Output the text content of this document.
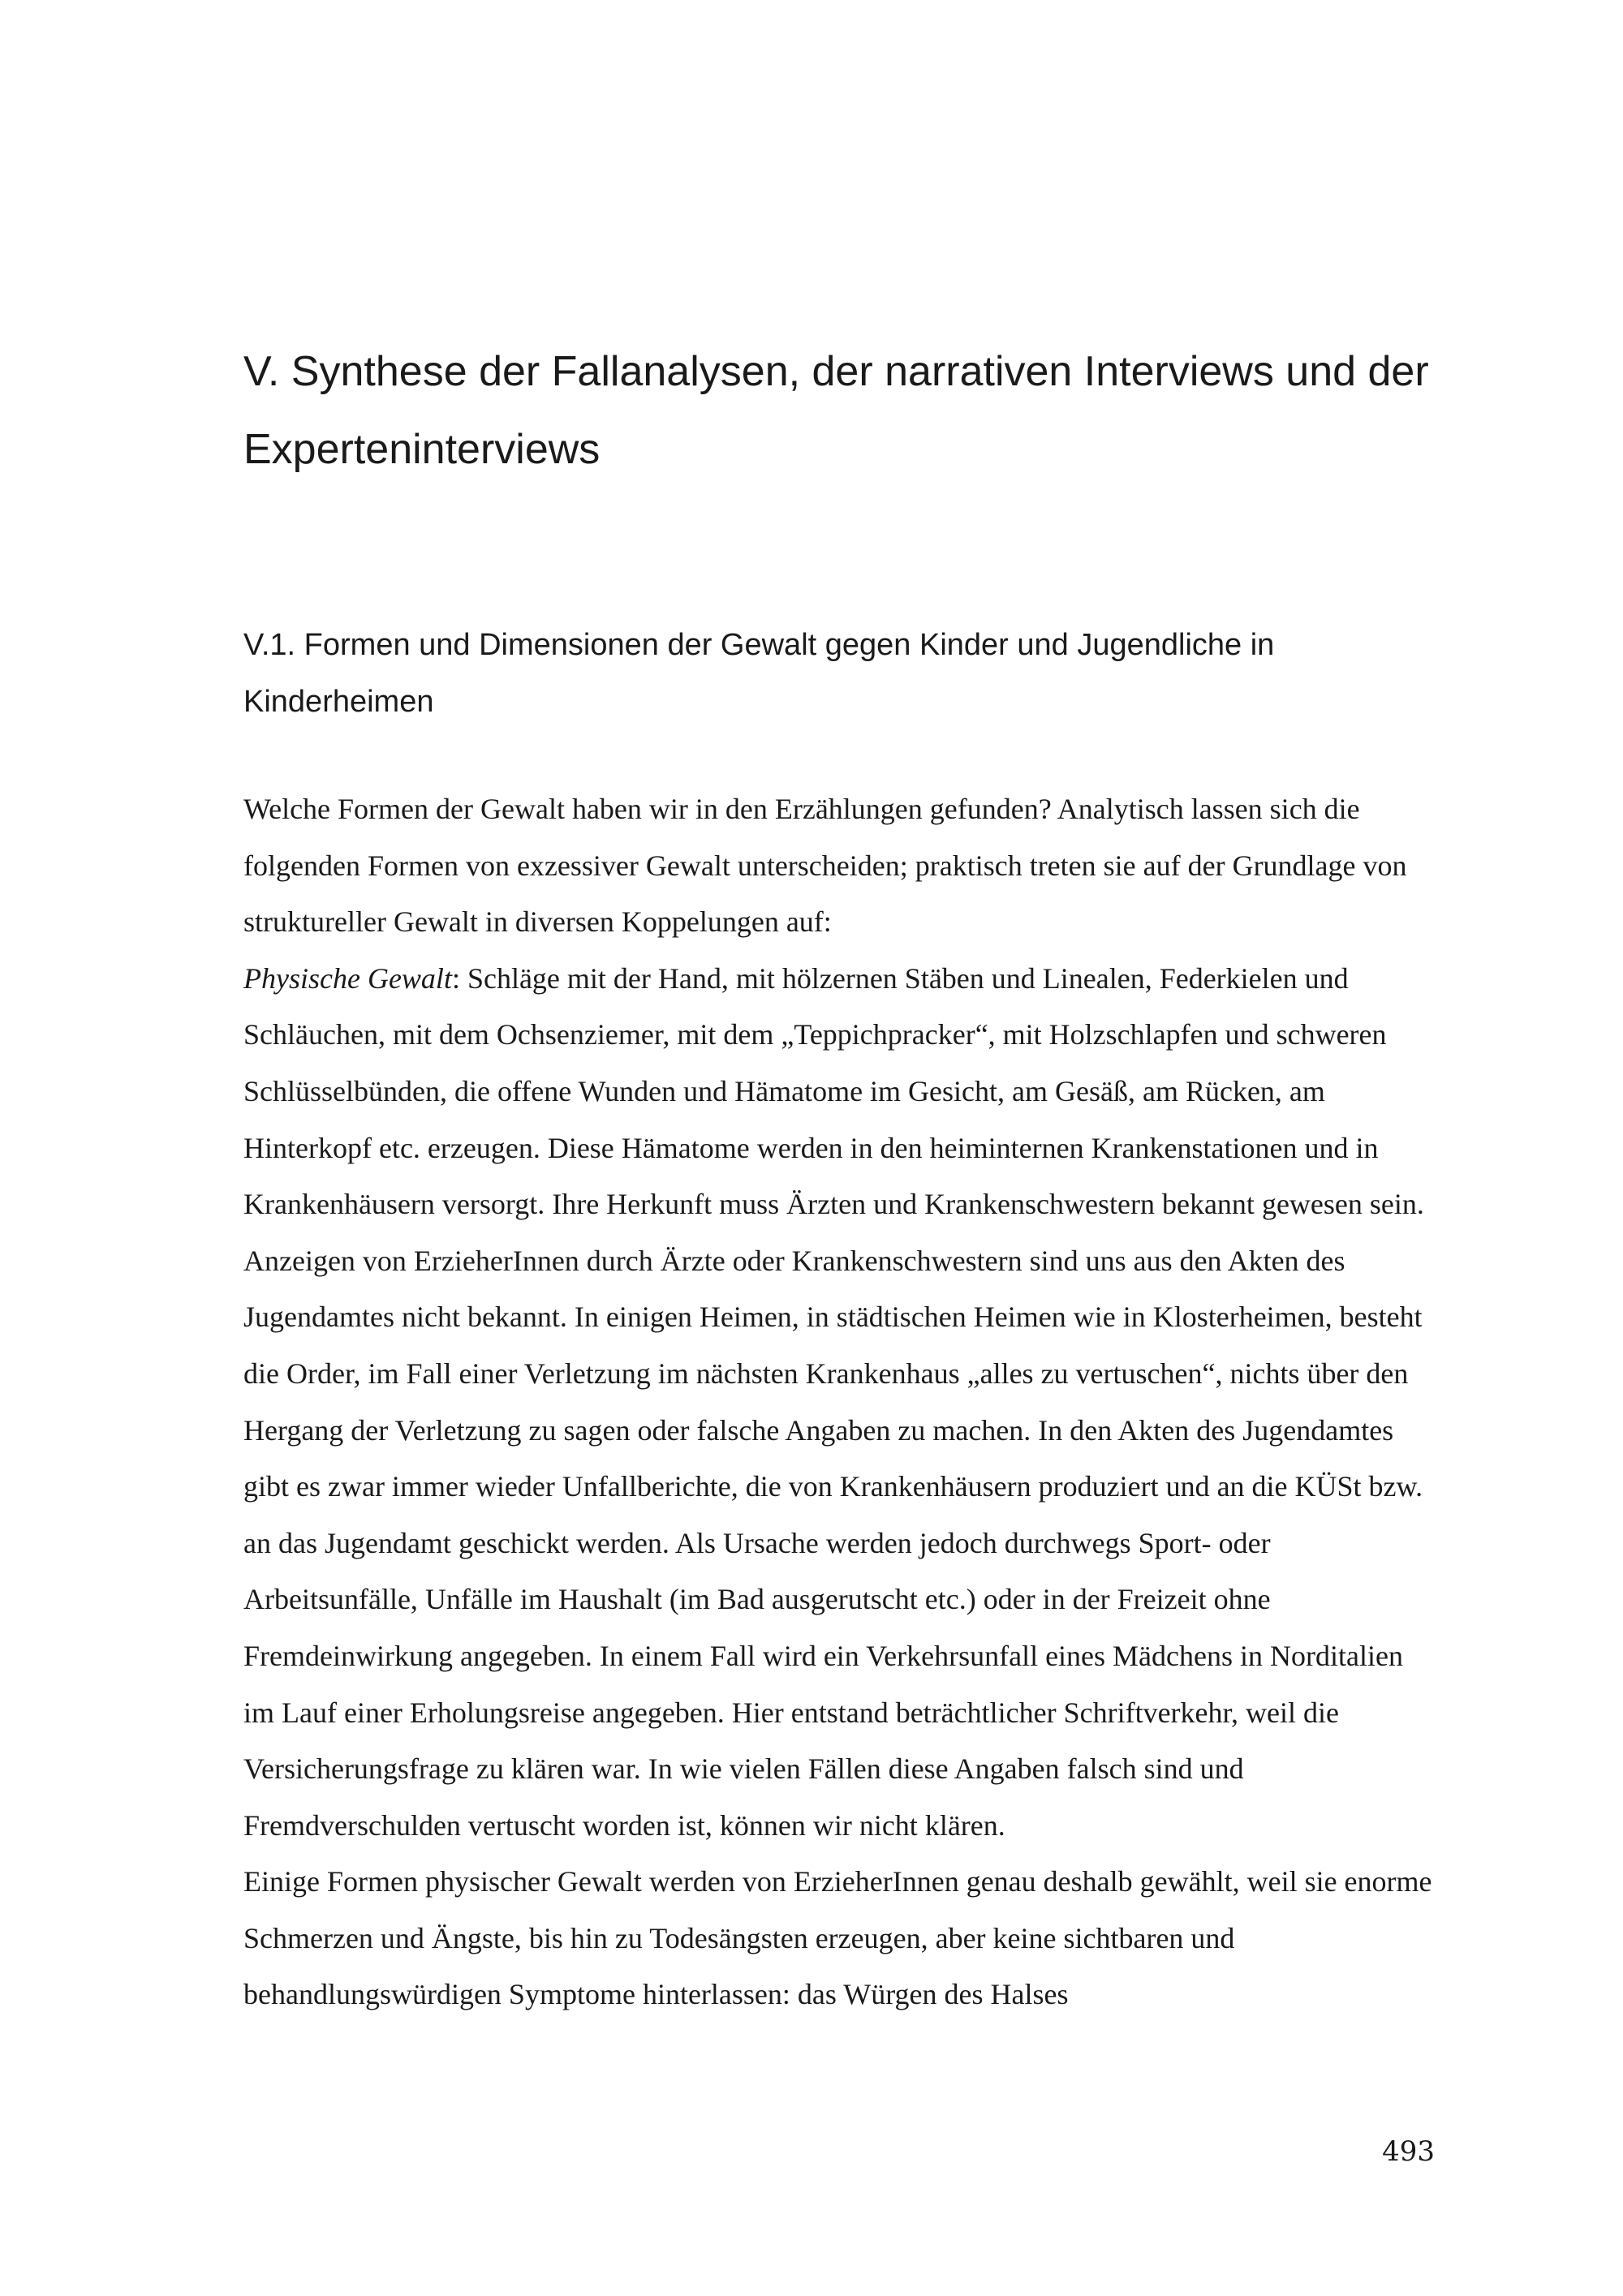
V. Synthese der Fallanalysen, der narrativen Interviews und der Experteninterviews
V.1. Formen und Dimensionen der Gewalt gegen Kinder und Jugendliche in Kinderheimen

Welche Formen der Gewalt haben wir in den Erzählungen gefunden? Analytisch lassen sich die folgenden Formen von exzessiver Gewalt unterscheiden; praktisch treten sie auf der Grundlage von struktureller Gewalt in diversen Koppelungen auf:

Physische Gewalt: Schläge mit der Hand, mit hölzernen Stäben und Linealen, Federkielen und Schläuchen, mit dem Ochsenziemer, mit dem „Teppichpracker“, mit Holzschlapfen und schweren Schlüsselbünden, die offene Wunden und Hämatome im Gesicht, am Gesäß, am Rücken, am Hinterkopf etc. erzeugen. Diese Hämatome werden in den heiminternen Krankenstationen und in Krankenhäusern versorgt. Ihre Herkunft muss Ärzten und Krankenschwestern bekannt gewesen sein. Anzeigen von ErzieherInnen durch Ärzte oder Krankenschwestern sind uns aus den Akten des Jugendamtes nicht bekannt. In einigen Heimen, in städtischen Heimen wie in Klosterheimen, besteht die Order, im Fall einer Verletzung im nächsten Krankenhaus „alles zu vertuschen“, nichts über den Hergang der Verletzung zu sagen oder falsche Angaben zu machen. In den Akten des Jugendamtes gibt es zwar immer wieder Unfallberichte, die von Krankenhäusern produziert und an die KÜSt bzw. an das Jugendamt geschickt werden. Als Ursache werden jedoch durchwegs Sport- oder Arbeitsunfälle, Unfälle im Haushalt (im Bad ausgerutscht etc.) oder in der Freizeit ohne Fremdeinwirkung angegeben. In einem Fall wird ein Verkehrsunfall eines Mädchens in Norditalien im Lauf einer Erholungsreise angegeben. Hier entstand beträchtlicher Schriftverkehr, weil die Versicherungsfrage zu klären war. In wie vielen Fällen diese Angaben falsch sind und Fremdverschulden vertuscht worden ist, können wir nicht klären.

Einige Formen physischer Gewalt werden von ErzieherInnen genau deshalb gewählt, weil sie enorme Schmerzen und Ängste, bis hin zu Todesängsten erzeugen, aber keine sichtbaren und behandlungswürdigen Symptome hinterlassen: das Würgen des Halses

493
